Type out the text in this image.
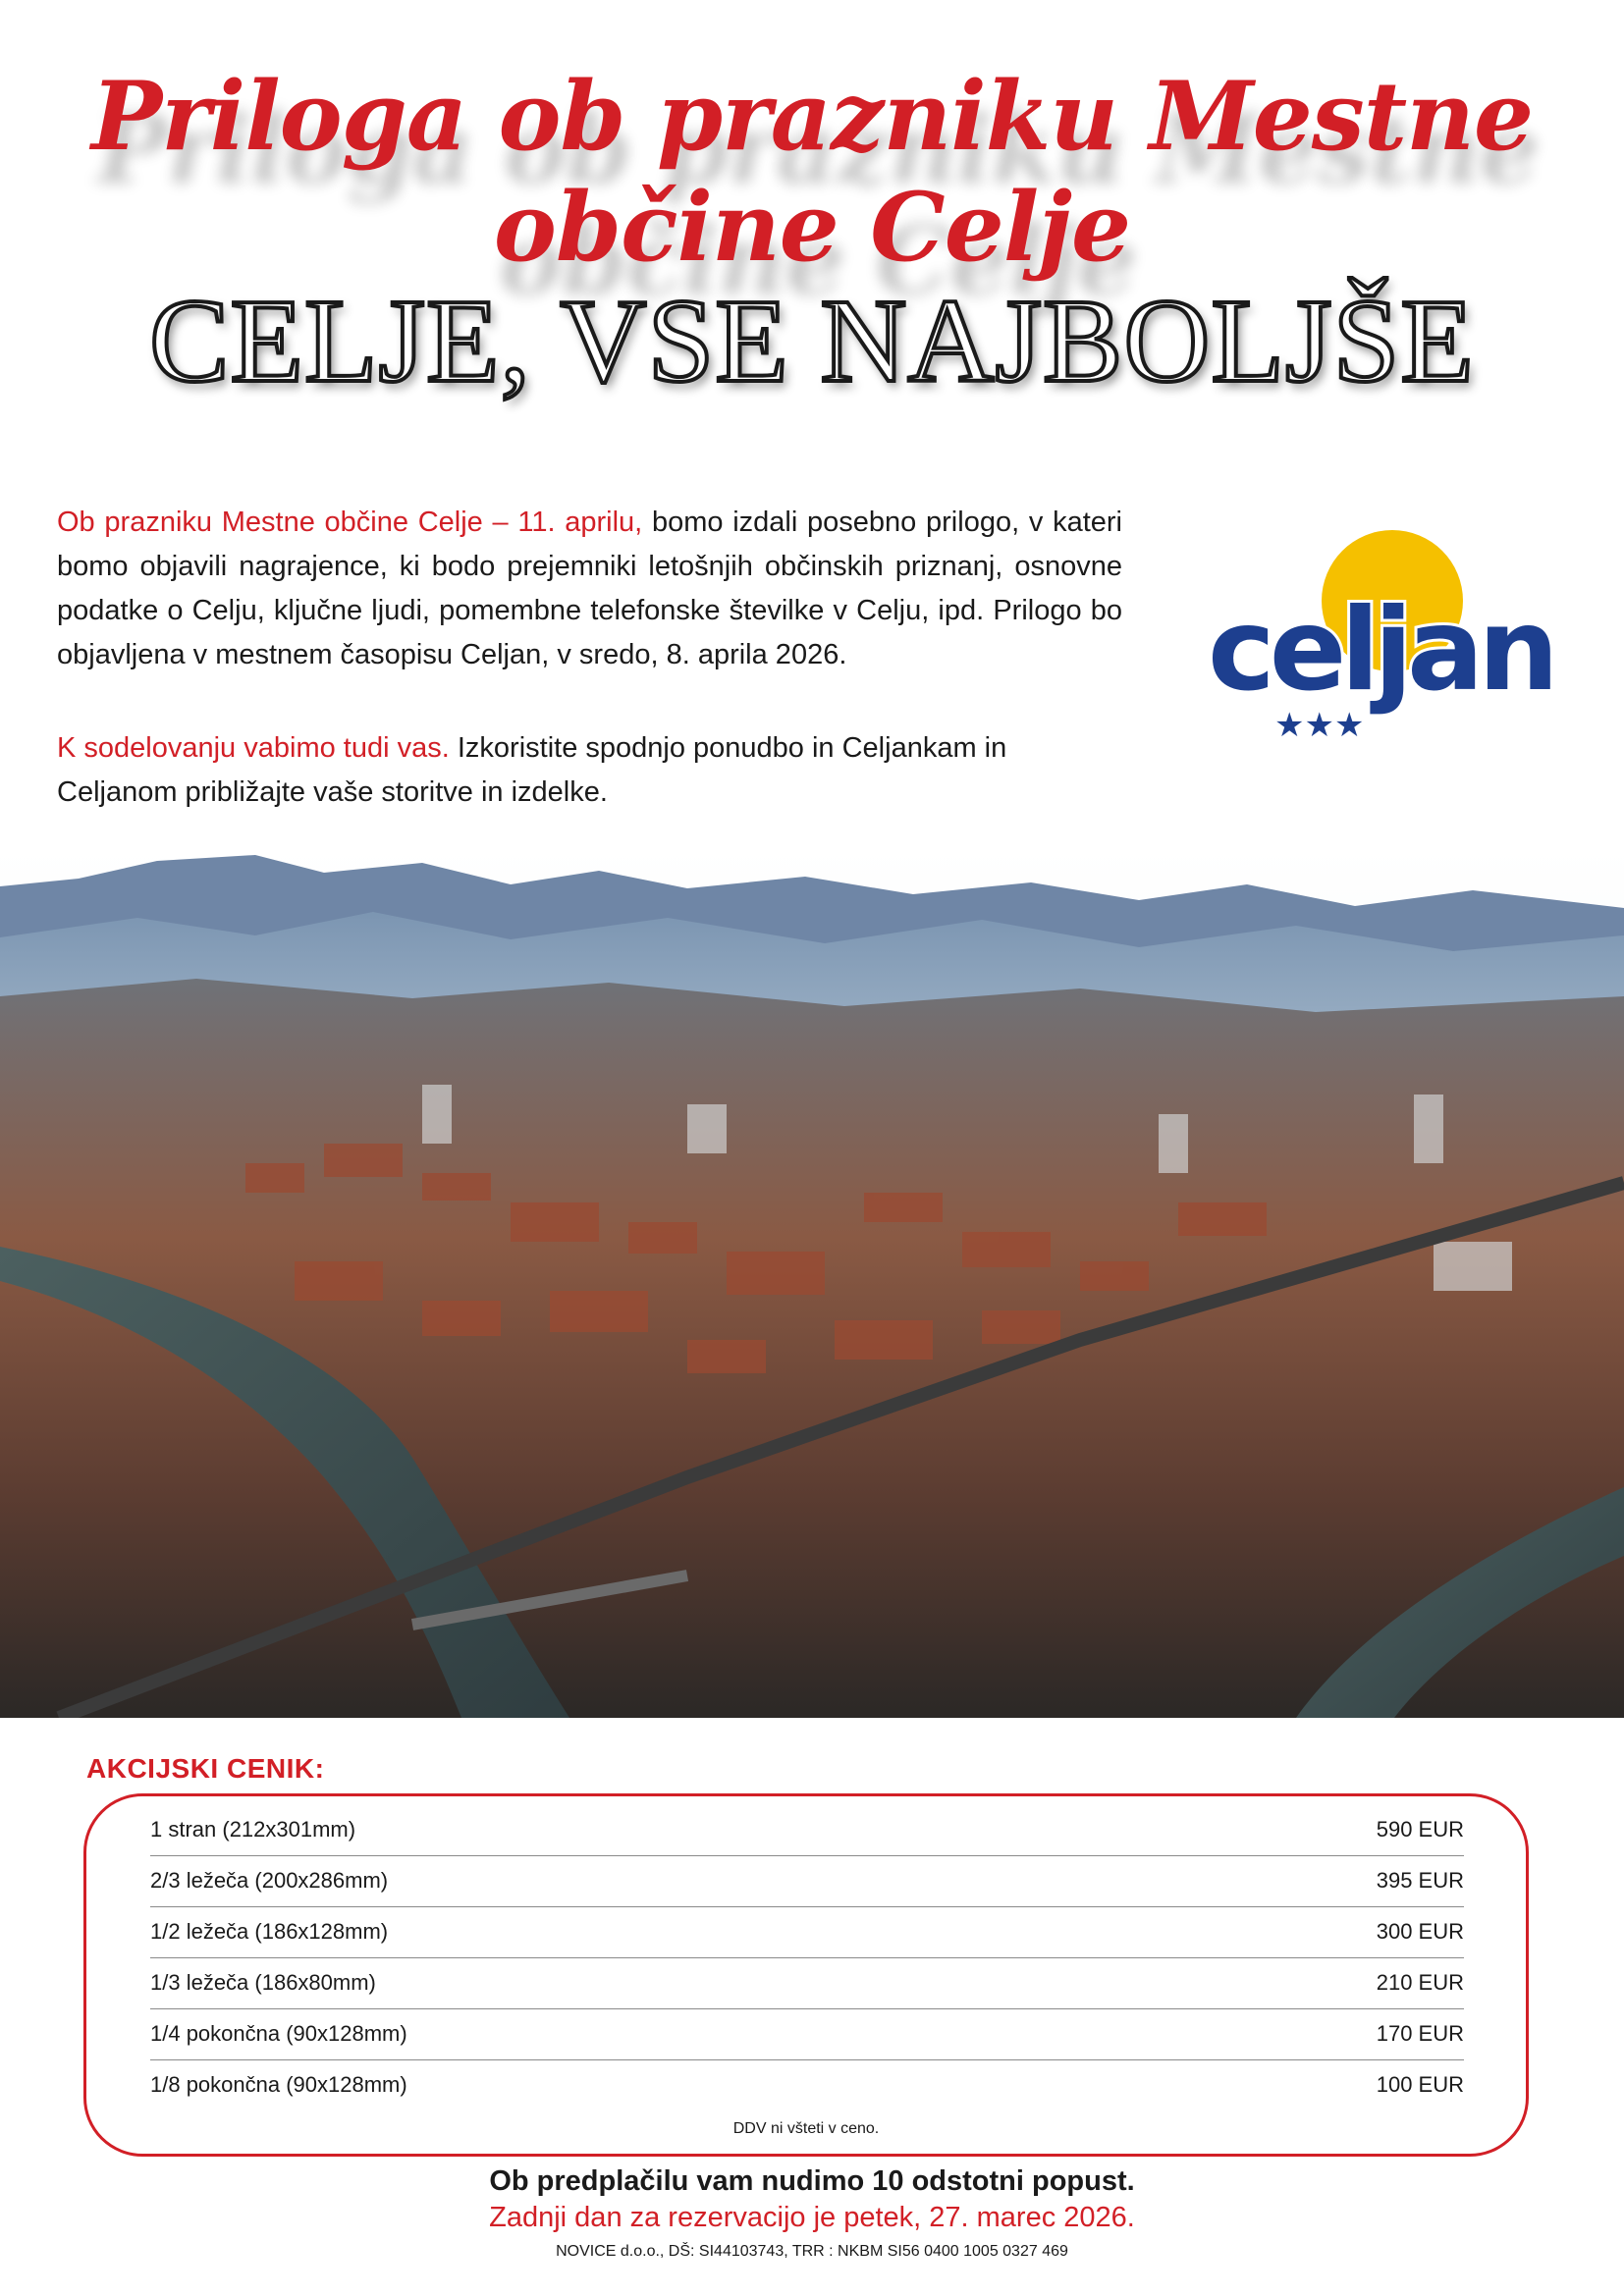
Priloga ob prazniku Mestne občine Celje
CELJE, VSE NAJBOLJŠE

Ob prazniku Mestne občine Celje – 11. aprilu, bomo izdali posebno prilogo, v kateri bomo objavili nagrajence, ki bodo prejemniki letošnjih občinskih priznanj, osnovne podatke o Celju, ključne ljudi, pomembne telefonske številke v Celju, ipd. Prilogo bo objavljena v mestnem časopisu Celjan, v sredo, 8. aprila 2026.

K sodelovanju vabimo tudi vas. Izkoristite spodnjo ponudbo in Celjankam in Celjanom približajte vaše storitve in izdelke.

celjan
★★★
AKCIJSKI CENIK:
1 stran (212x301mm)	590 EUR
2/3 ležeča (200x286mm)	395 EUR
1/2 ležeča (186x128mm)	300 EUR
1/3 ležeča (186x80mm)	210 EUR
1/4 pokončna (90x128mm)	170 EUR
1/8 pokončna (90x128mm)	100 EUR
DDV ni všteti v ceno.
Ob predplačilu vam nudimo 10 odstotni popust.
Zadnji dan za rezervacijo je petek, 27. marec 2026.
NOVICE d.o.o., DŠ: SI44103743, TRR : NKBM SI56 0400 1005 0327 469
